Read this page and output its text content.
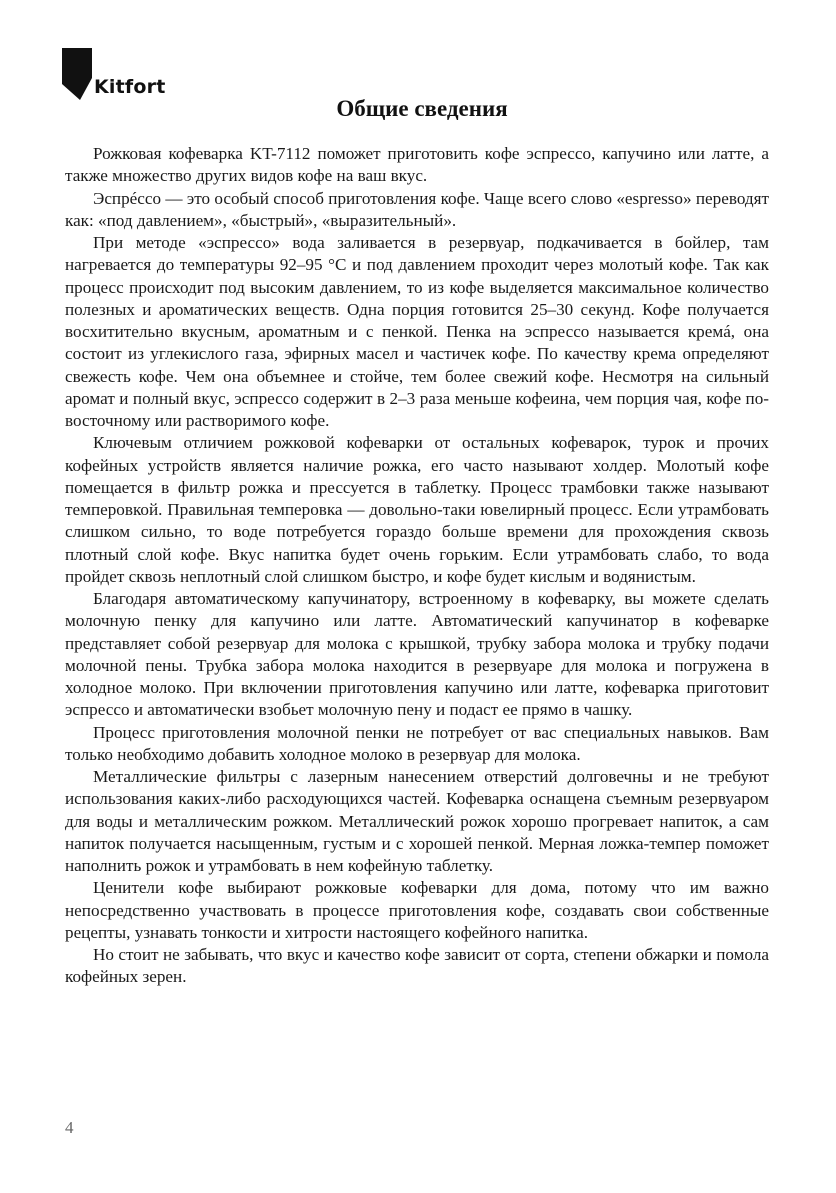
Kitfort
Общие сведения

Рожковая кофеварка KT-7112 поможет приготовить кофе эспрессо, капучино или латте, а также множество других видов кофе на ваш вкус.

Эспрéссо — это особый способ приготовления кофе. Чаще всего слово «espresso» переводят как: «под давлением», «быстрый», «выразительный».

При методе «эспрессо» вода заливается в резервуар, подкачивается в бойлер, там нагревается до температуры 92–95 °C и под давлением проходит через молотый кофе. Так как процесс происходит под высоким давлением, то из кофе выделяется максимальное количество полезных и ароматических веществ. Одна порция готовится 25–30 секунд. Кофе получается восхитительно вкусным, ароматным и с пенкой. Пенка на эспрессо называется кремá, она состоит из углекислого газа, эфирных масел и частичек кофе. По качеству крема определяют свежесть кофе. Чем она объемнее и стойче, тем более свежий кофе. Несмотря на сильный аромат и полный вкус, эспрессо содержит в 2–3 раза меньше кофеина, чем порция чая, кофе по-восточному или растворимого кофе.

Ключевым отличием рожковой кофеварки от остальных кофеварок, турок и прочих кофейных устройств является наличие рожка, его часто называют холдер. Молотый кофе помещается в фильтр рожка и прессуется в таблетку. Процесс трамбовки также называют темперовкой. Правильная темперовка — довольно-таки ювелирный процесс. Если утрамбовать слишком сильно, то воде потребуется гораздо больше времени для прохождения сквозь плотный слой кофе. Вкус напитка будет очень горьким. Если утрамбовать слабо, то вода пройдет сквозь неплотный слой слишком быстро, и кофе будет кислым и водянистым.

Благодаря автоматическому капучинатору, встроенному в кофеварку, вы можете сделать молочную пенку для капучино или латте. Автоматический капучинатор в кофеварке представляет собой резервуар для молока с крышкой, трубку забора молока и трубку подачи молочной пены. Трубка забора молока находится в резервуаре для молока и погружена в холодное молоко. При включении приготовления капучино или латте, кофеварка приготовит эспрессо и автоматически взобьет молочную пену и подаст ее прямо в чашку.

Процесс приготовления молочной пенки не потребует от вас специальных навыков. Вам только необходимо добавить холодное молоко в резервуар для молока.

Металлические фильтры с лазерным нанесением отверстий долговечны и не требуют использования каких-либо расходующихся частей. Кофеварка оснащена съемным резервуаром для воды и металлическим рожком. Металлический рожок хорошо прогревает напиток, а сам напиток получается насыщенным, густым и с хорошей пенкой. Мерная ложка-темпер поможет наполнить рожок и утрамбовать в нем кофейную таблетку.

Ценители кофе выбирают рожковые кофеварки для дома, потому что им важно непосредственно участвовать в процессе приготовления кофе, создавать свои собственные рецепты, узнавать тонкости и хитрости настоящего кофейного напитка.

Но стоит не забывать, что вкус и качество кофе зависит от сорта, степени обжарки и помола кофейных зерен.

4
